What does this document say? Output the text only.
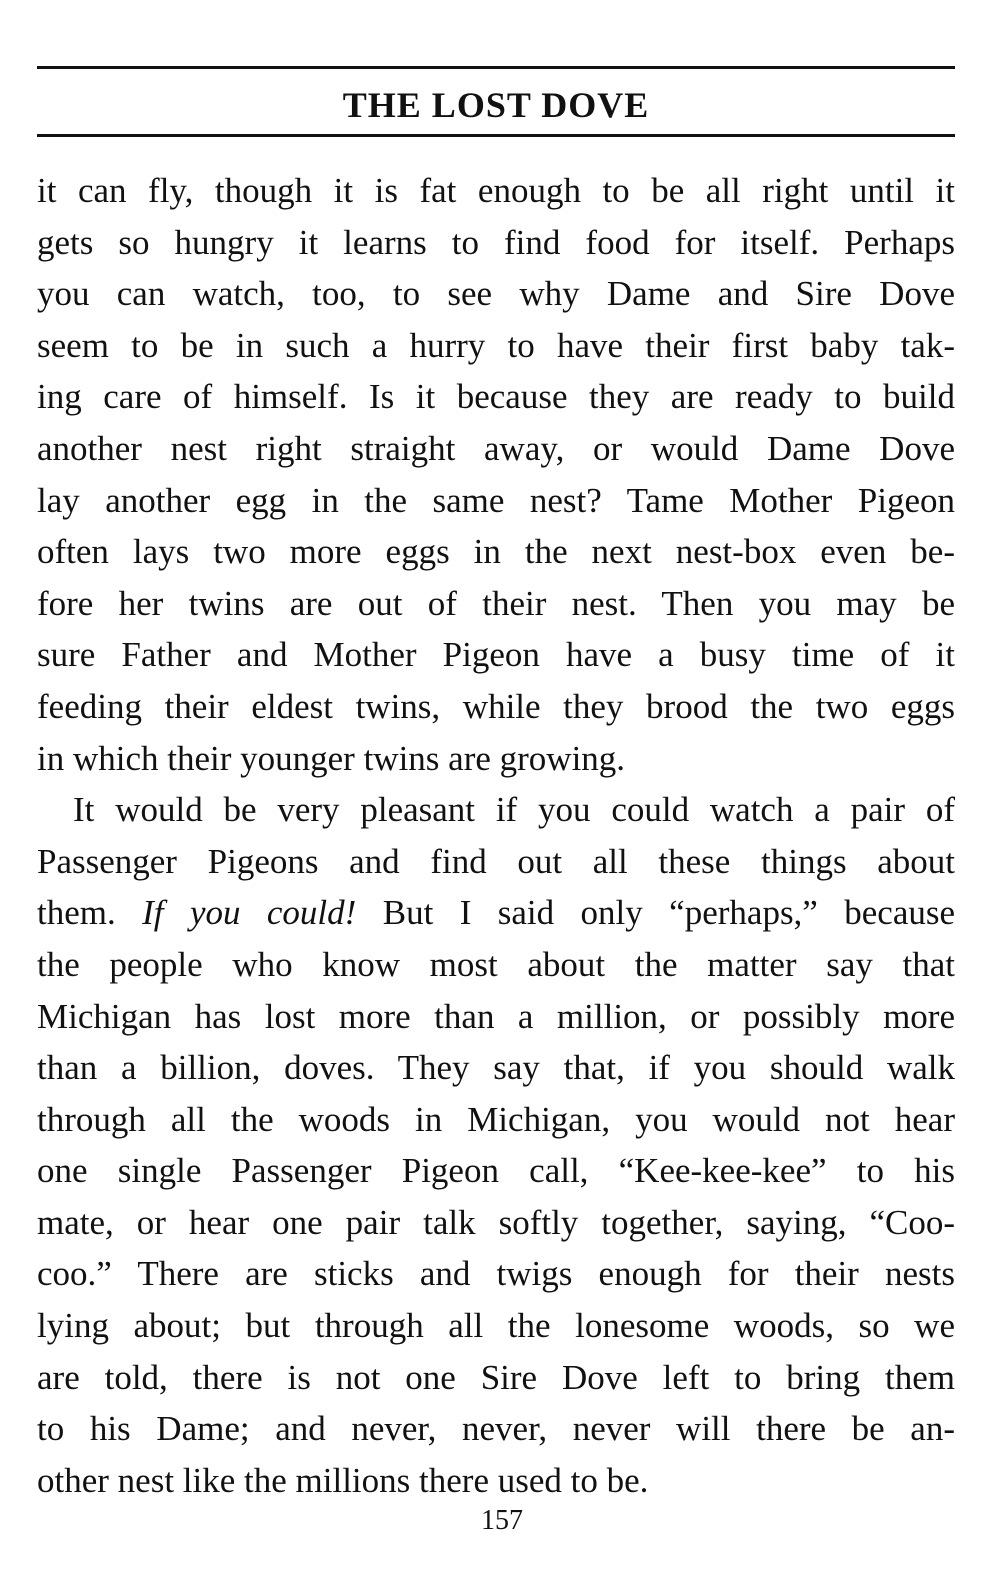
THE LOST DOVE
it can fly, though it is fat enough to be all right until it
gets so hungry it learns to find food for itself. Perhaps
you can watch, too, to see why Dame and Sire Dove
seem to be in such a hurry to have their first baby tak-
ing care of himself. Is it because they are ready to build
another nest right straight away, or would Dame Dove
lay another egg in the same nest? Tame Mother Pigeon
often lays two more eggs in the next nest-box even be-
fore her twins are out of their nest. Then you may be
sure Father and Mother Pigeon have a busy time of it
feeding their eldest twins, while they brood the two eggs
in which their younger twins are growing.
It would be very pleasant if you could watch a pair of
Passenger Pigeons and find out all these things about
them. If you could! But I said only “perhaps,” because
the people who know most about the matter say that
Michigan has lost more than a million, or possibly more
than a billion, doves. They say that, if you should walk
through all the woods in Michigan, you would not hear
one single Passenger Pigeon call, “Kee-kee-kee” to his
mate, or hear one pair talk softly together, saying, “Coo-
coo.” There are sticks and twigs enough for their nests
lying about; but through all the lonesome woods, so we
are told, there is not one Sire Dove left to bring them
to his Dame; and never, never, never will there be an-
other nest like the millions there used to be.
157
